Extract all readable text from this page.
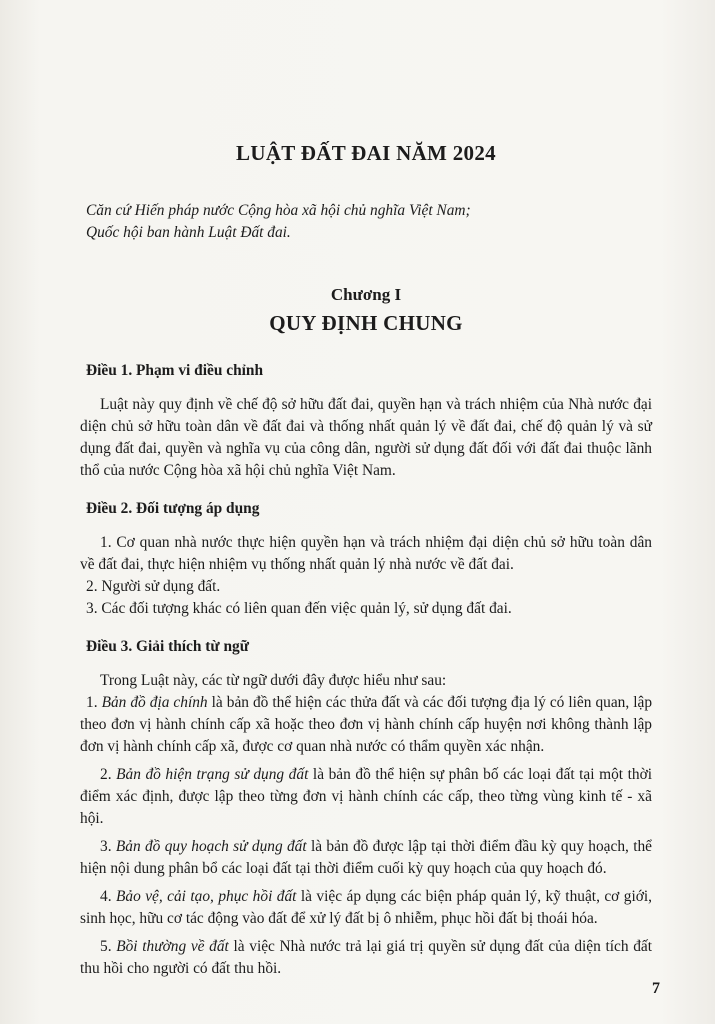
LUẬT ĐẤT ĐAI NĂM 2024

Căn cứ Hiến pháp nước Cộng hòa xã hội chủ nghĩa Việt Nam;

Quốc hội ban hành Luật Đất đai.

Chương I
QUY ĐỊNH CHUNG
Điều 1. Phạm vi điều chỉnh

Luật này quy định về chế độ sở hữu đất đai, quyền hạn và trách nhiệm của Nhà nước đại diện chủ sở hữu toàn dân về đất đai và thống nhất quản lý về đất đai, chế độ quản lý và sử dụng đất đai, quyền và nghĩa vụ của công dân, người sử dụng đất đối với đất đai thuộc lãnh thổ của nước Cộng hòa xã hội chủ nghĩa Việt Nam.

Điều 2. Đối tượng áp dụng

1. Cơ quan nhà nước thực hiện quyền hạn và trách nhiệm đại diện chủ sở hữu toàn dân về đất đai, thực hiện nhiệm vụ thống nhất quản lý nhà nước về đất đai.

2. Người sử dụng đất.

3. Các đối tượng khác có liên quan đến việc quản lý, sử dụng đất đai.

Điều 3. Giải thích từ ngữ

Trong Luật này, các từ ngữ dưới đây được hiểu như sau:

1. Bản đồ địa chính là bản đồ thể hiện các thửa đất và các đối tượng địa lý có liên quan, lập theo đơn vị hành chính cấp xã hoặc theo đơn vị hành chính cấp huyện nơi không thành lập đơn vị hành chính cấp xã, được cơ quan nhà nước có thẩm quyền xác nhận.

2. Bản đồ hiện trạng sử dụng đất là bản đồ thể hiện sự phân bố các loại đất tại một thời điểm xác định, được lập theo từng đơn vị hành chính các cấp, theo từng vùng kinh tế - xã hội.

3. Bản đồ quy hoạch sử dụng đất là bản đồ được lập tại thời điểm đầu kỳ quy hoạch, thể hiện nội dung phân bổ các loại đất tại thời điểm cuối kỳ quy hoạch của quy hoạch đó.

4. Bảo vệ, cải tạo, phục hồi đất là việc áp dụng các biện pháp quản lý, kỹ thuật, cơ giới, sinh học, hữu cơ tác động vào đất để xử lý đất bị ô nhiễm, phục hồi đất bị thoái hóa.

5. Bồi thường về đất là việc Nhà nước trả lại giá trị quyền sử dụng đất của diện tích đất thu hồi cho người có đất thu hồi.

7
